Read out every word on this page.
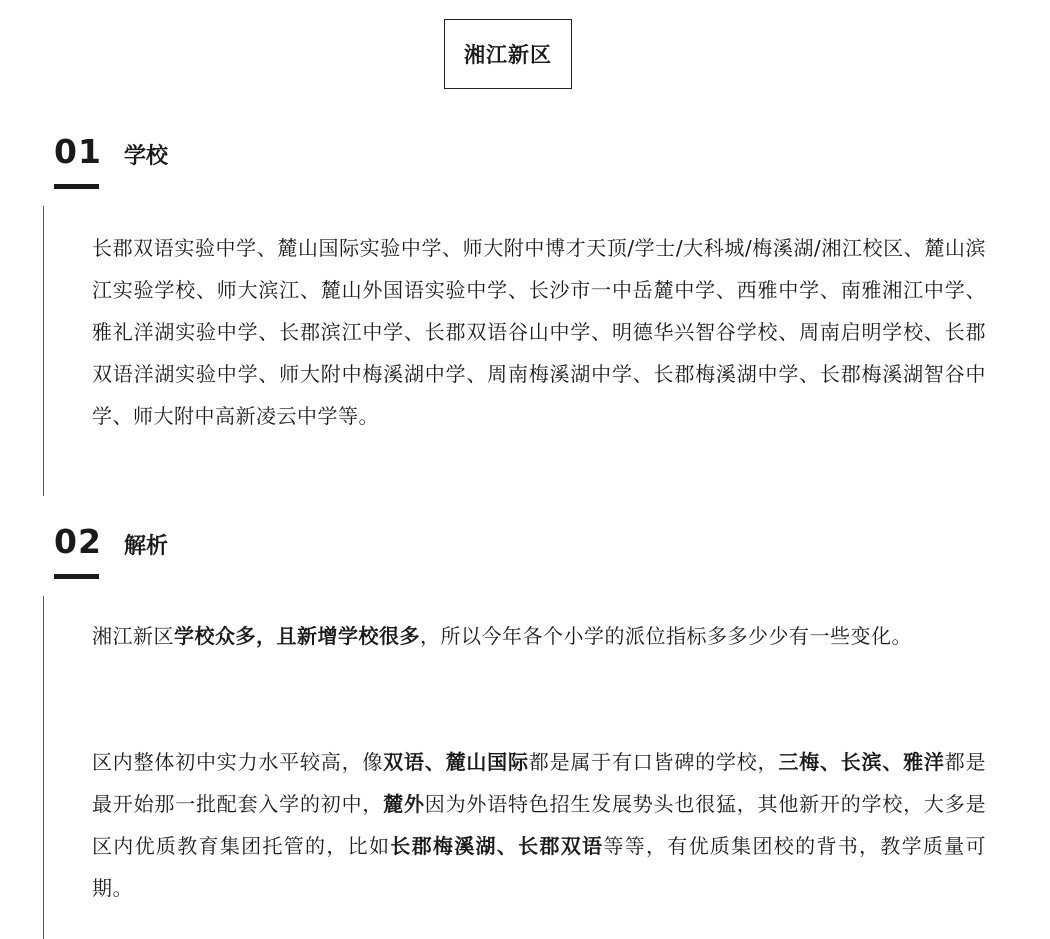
湘江新区
01 学校

长郡双语实验中学、麓山国际实验中学、师大附中博才天顶/学士/大科城/梅溪湖/湘江校区、麓山滨江实验学校、师大滨江、麓山外国语实验中学、长沙市一中岳麓中学、西雅中学、南雅湘江中学、雅礼洋湖实验中学、长郡滨江中学、长郡双语谷山中学、明德华兴智谷学校、周南启明学校、长郡双语洋湖实验中学、师大附中梅溪湖中学、周南梅溪湖中学、长郡梅溪湖中学、长郡梅溪湖智谷中学、师大附中高新凌云中学等。

02 解析

湘江新区学校众多，且新增学校很多，所以今年各个小学的派位指标多多少少有一些变化。

区内整体初中实力水平较高，像双语、麓山国际都是属于有口皆碑的学校，三梅、长滨、雅洋都是最开始那一批配套入学的初中，麓外因为外语特色招生发展势头也很猛，其他新开的学校，大多是区内优质教育集团托管的，比如长郡梅溪湖、长郡双语等等，有优质集团校的背书，教学质量可期。
